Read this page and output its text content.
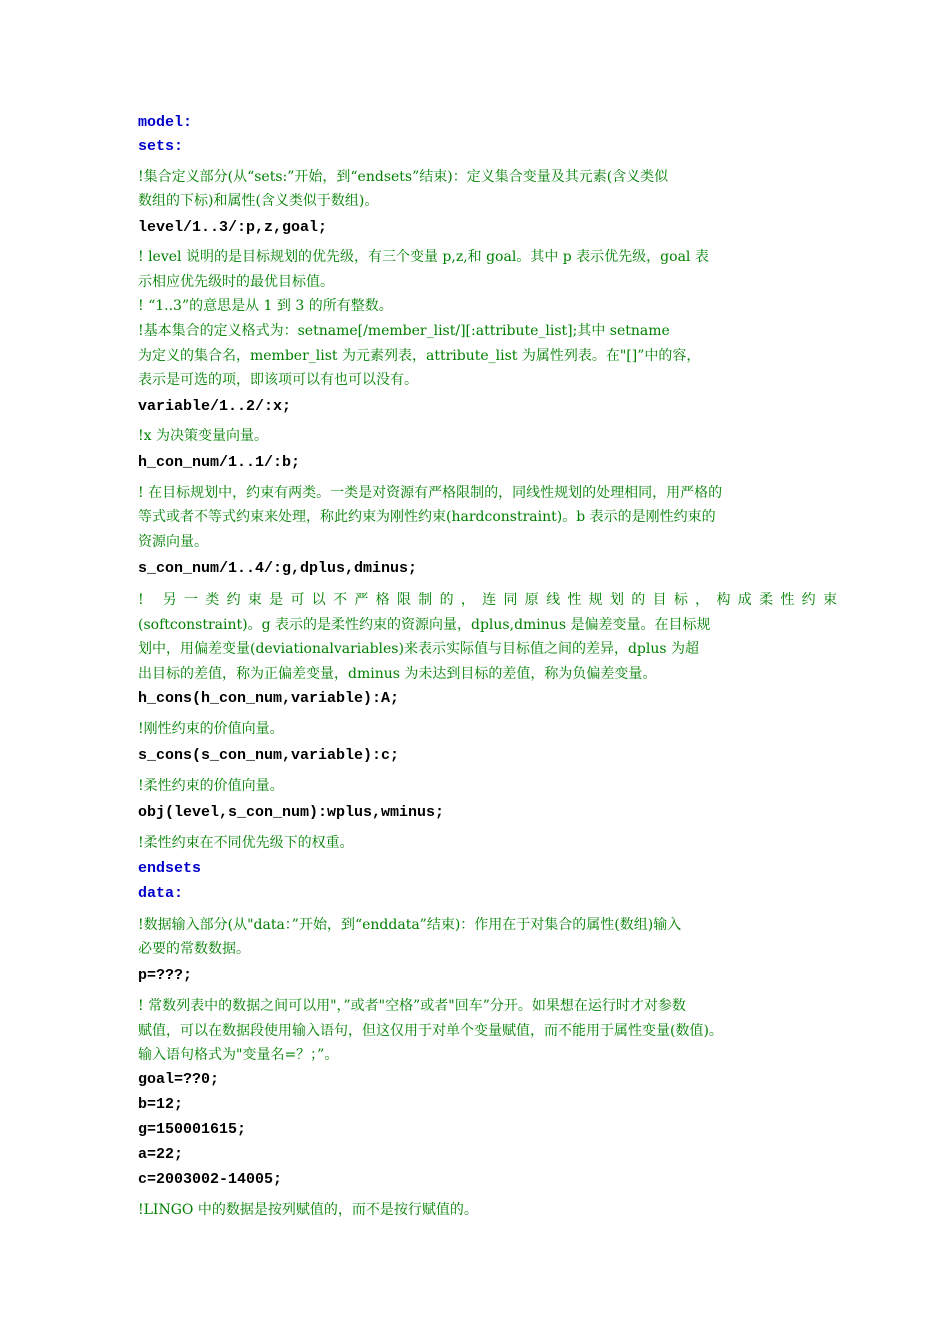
model:
sets:
!集合定义部分(从“sets:”开始，到“endsets”结束)：定义集合变量及其元素(含义类似
数组的下标)和属性(含义类似于数组)。
level/1..3/:p,z,goal;
! level 说明的是目标规划的优先级，有三个变量 p,z,和 goal。其中 p 表示优先级，goal 表
示相应优先级时的最优目标值。
! “1..3”的意思是从 1 到 3 的所有整数。
!基本集合的定义格式为：setname[/member_list/][:attribute_list];其中 setname
为定义的集合名，member_list 为元素列表，attribute_list 为属性列表。在"[]”中的容，
表示是可选的项，即该项可以有也可以没有。
variable/1..2/:x;
!x 为决策变量向量。
h_con_num/1..1/:b;
! 在目标规划中，约束有两类。一类是对资源有严格限制的，同线性规划的处理相同，用严格的
等式或者不等式约束来处理，称此约束为刚性约束(hardconstraint)。b 表示的是刚性约束的
资源向量。
s_con_num/1..4/:g,dplus,dminus;
! 另一类约束是可以不严格限制的，连同原线性规划的目标，构成柔性约束
(softconstraint)。g 表示的是柔性约束的资源向量，dplus,dminus 是偏差变量。在目标规
划中，用偏差变量(deviationalvariables)来表示实际值与目标值之间的差异，dplus 为超
出目标的差值，称为正偏差变量，dminus 为未达到目标的差值，称为负偏差变量。
h_cons(h_con_num,variable):A;
!刚性约束的价值向量。
s_cons(s_con_num,variable):c;
!柔性约束的价值向量。
obj(level,s_con_num):wplus,wminus;
!柔性约束在不同优先级下的权重。
endsets
data:
!数据输入部分(从"data：”开始，到“enddata”结束)：作用在于对集合的属性(数组)输入
必要的常数数据。
p=???;
! 常数列表中的数据之间可以用"，”或者"空格”或者"回车”分开。如果想在运行时才对参数
赋值，可以在数据段使用输入语句，但这仅用于对单个变量赋值，而不能用于属性变量(数值)。
输入语句格式为"变量名=？；”。
goal=??0;
b=12;
g=150001615;
a=22;
c=2003002-14005;
!LINGO 中的数据是按列赋值的，而不是按行赋值的。
